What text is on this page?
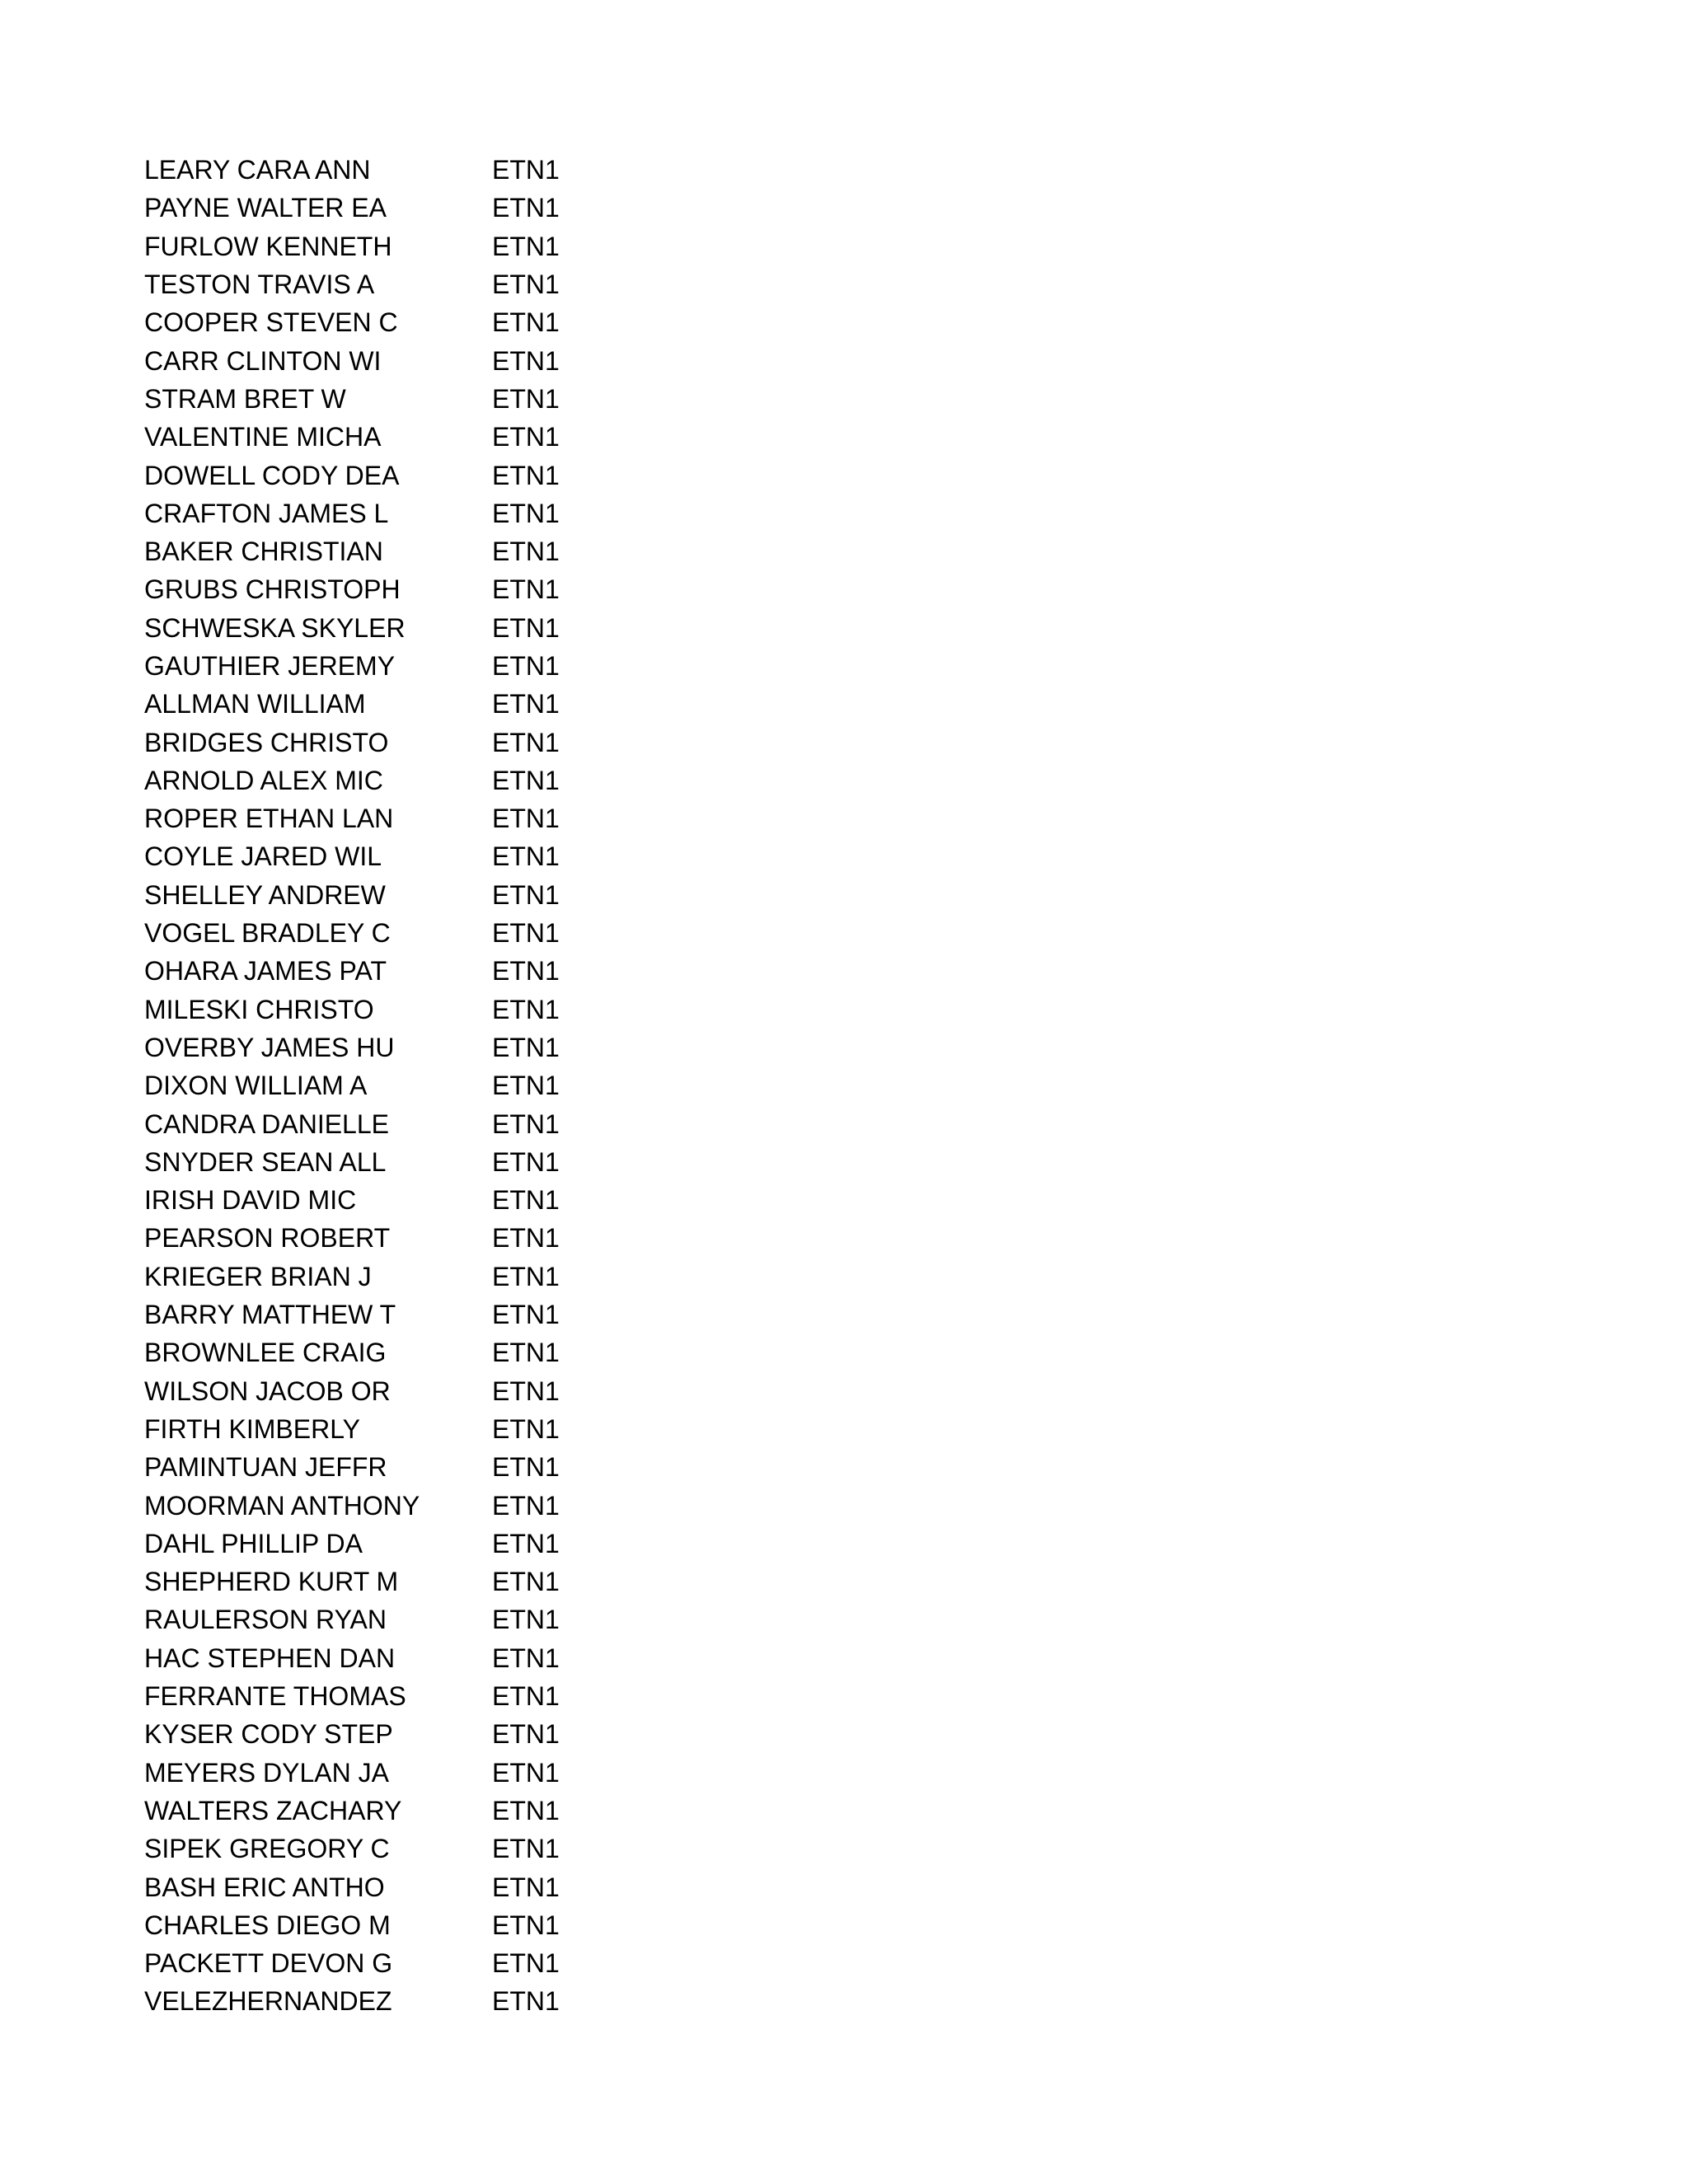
LEARY CARA ANN	ETN1
PAYNE WALTER EA	ETN1
FURLOW KENNETH	ETN1
TESTON TRAVIS A	ETN1
COOPER STEVEN C	ETN1
CARR CLINTON WI	ETN1
STRAM BRET W	ETN1
VALENTINE MICHA	ETN1
DOWELL CODY DEA	ETN1
CRAFTON JAMES L	ETN1
BAKER CHRISTIAN	ETN1
GRUBS CHRISTOPH	ETN1
SCHWESKA SKYLER	ETN1
GAUTHIER JEREMY	ETN1
ALLMAN WILLIAM	ETN1
BRIDGES CHRISTO	ETN1
ARNOLD ALEX MIC	ETN1
ROPER ETHAN LAN	ETN1
COYLE JARED WIL	ETN1
SHELLEY ANDREW	ETN1
VOGEL BRADLEY C	ETN1
OHARA JAMES PAT	ETN1
MILESKI CHRISTO	ETN1
OVERBY JAMES HU	ETN1
DIXON WILLIAM A	ETN1
CANDRA DANIELLE	ETN1
SNYDER SEAN ALL	ETN1
IRISH DAVID MIC	ETN1
PEARSON ROBERT	ETN1
KRIEGER BRIAN J	ETN1
BARRY MATTHEW T	ETN1
BROWNLEE CRAIG	ETN1
WILSON JACOB OR	ETN1
FIRTH KIMBERLY	ETN1
PAMINTUAN JEFFR	ETN1
MOORMAN ANTHONY	ETN1
DAHL PHILLIP DA	ETN1
SHEPHERD KURT M	ETN1
RAULERSON RYAN	ETN1
HAC STEPHEN DAN	ETN1
FERRANTE THOMAS	ETN1
KYSER CODY STEP	ETN1
MEYERS DYLAN JA	ETN1
WALTERS ZACHARY	ETN1
SIPEK GREGORY C	ETN1
BASH ERIC ANTHO	ETN1
CHARLES DIEGO M	ETN1
PACKETT DEVON G	ETN1
VELEZHERNANDEZ	ETN1
